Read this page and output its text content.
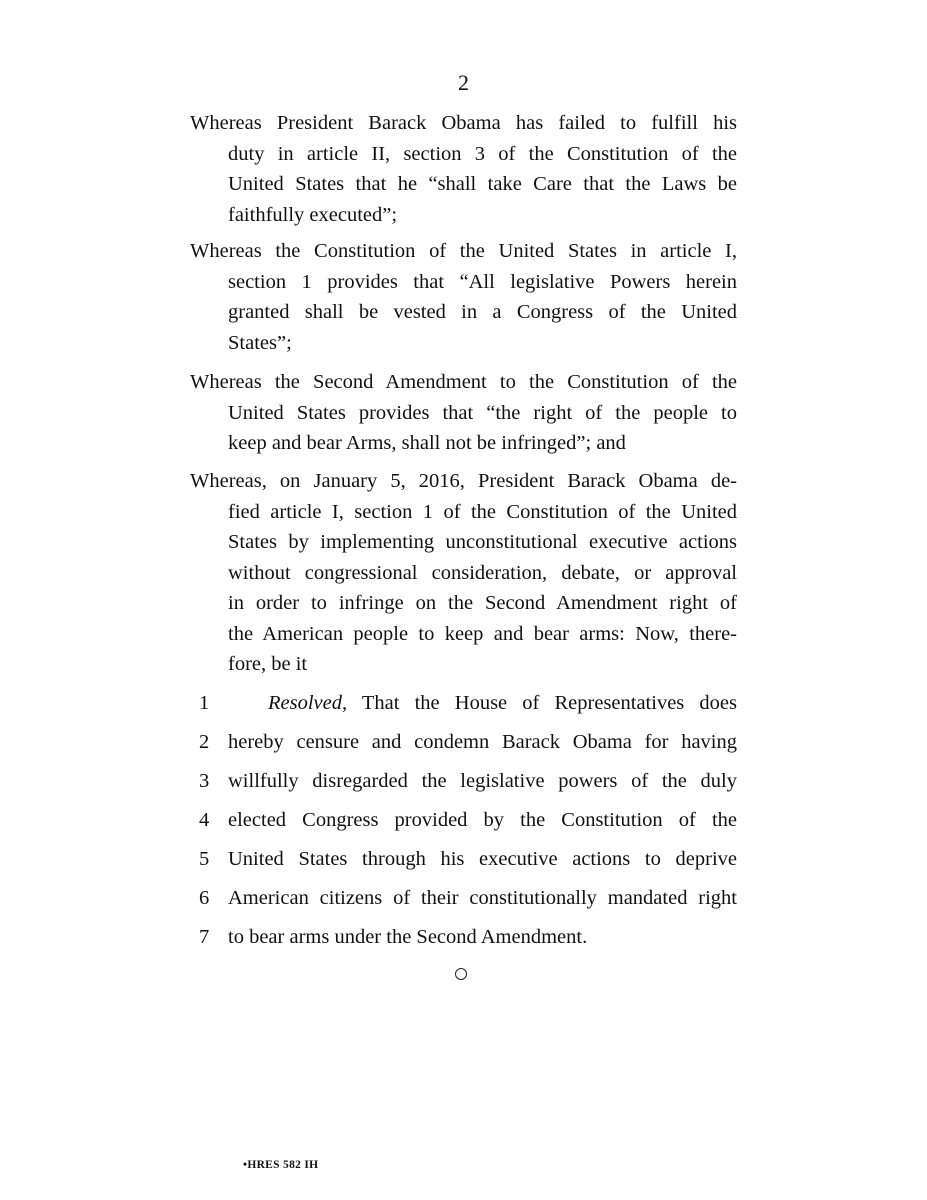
2
Whereas President Barack Obama has failed to fulfill his
duty in article II, section 3 of the Constitution of the
United States that he “shall take Care that the Laws be
faithfully executed”;
Whereas the Constitution of the United States in article I,
section 1 provides that “All legislative Powers herein
granted shall be vested in a Congress of the United
States”;
Whereas the Second Amendment to the Constitution of the
United States provides that “the right of the people to
keep and bear Arms, shall not be infringed”; and
Whereas, on January 5, 2016, President Barack Obama de-
fied article I, section 1 of the Constitution of the United
States by implementing unconstitutional executive actions
without congressional consideration, debate, or approval
in order to infringe on the Second Amendment right of
the American people to keep and bear arms: Now, there-
fore, be it
1	Resolved, That the House of Representatives does
2 hereby censure and condemn Barack Obama for having
3 willfully disregarded the legislative powers of the duly
4 elected Congress provided by the Constitution of the
5 United States through his executive actions to deprive
6 American citizens of their constitutionally mandated right
7 to bear arms under the Second Amendment.
•HRES 582 IH
